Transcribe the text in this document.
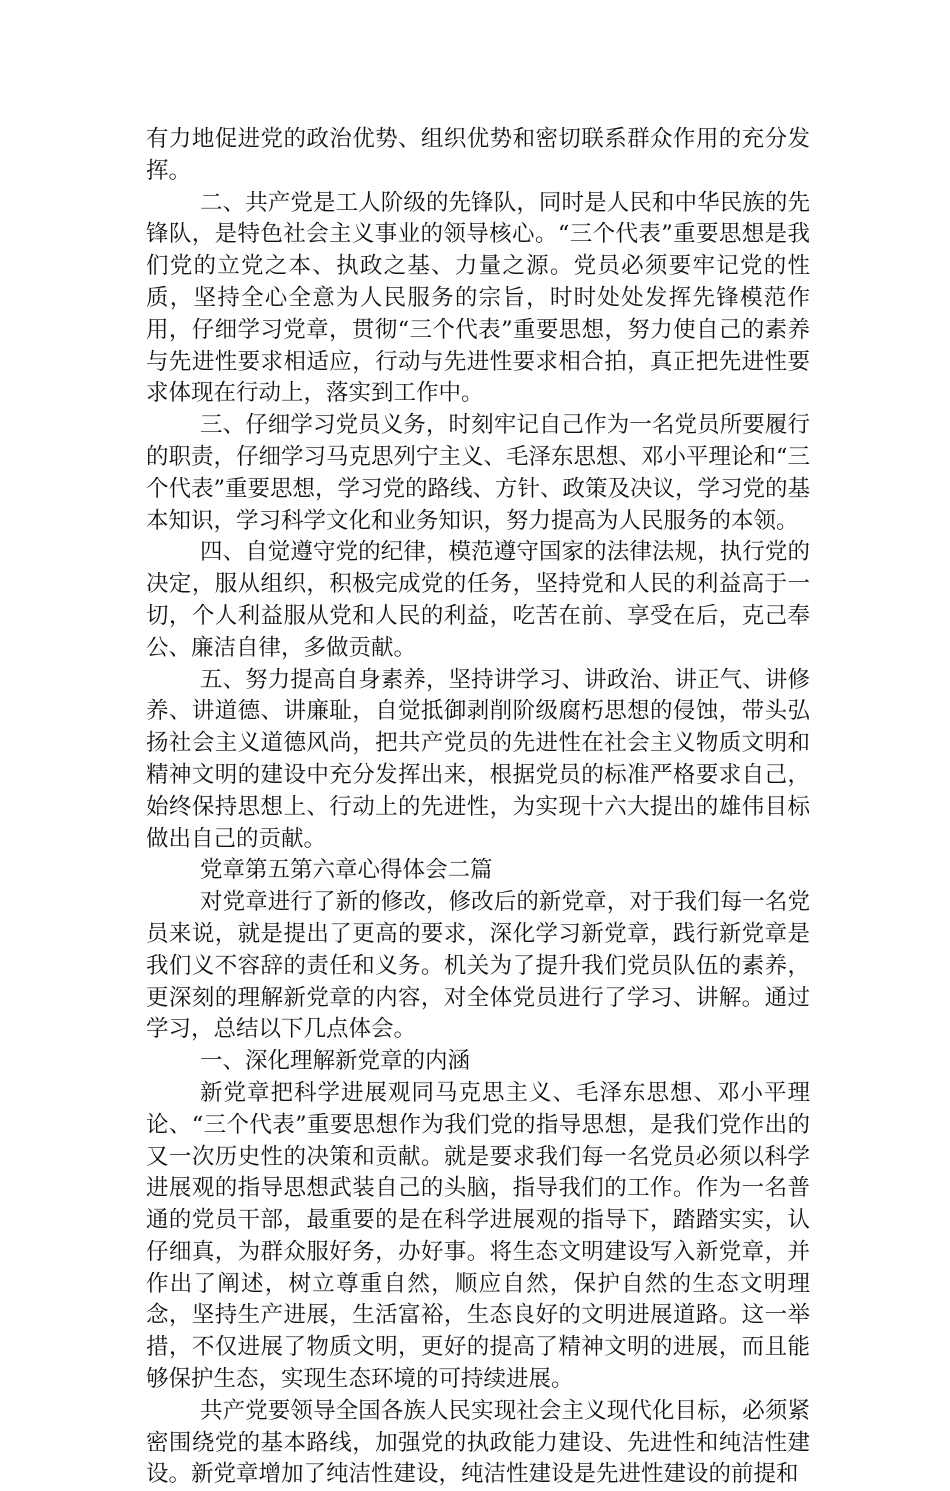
有力地促进党的政治优势、组织优势和密切联系群众作用的充分发挥。

二、共产党是工人阶级的先锋队，同时是人民和中华民族的先锋队，是特色社会主义事业的领导核心。“三个代表”重要思想是我们党的立党之本、执政之基、力量之源。党员必须要牢记党的性质，坚持全心全意为人民服务的宗旨，时时处处发挥先锋模范作用，仔细学习党章，贯彻“三个代表”重要思想，努力使自己的素养与先进性要求相适应，行动与先进性要求相合拍，真正把先进性要求体现在行动上，落实到工作中。

三、仔细学习党员义务，时刻牢记自己作为一名党员所要履行的职责，仔细学习马克思列宁主义、毛泽东思想、邓小平理论和“三个代表”重要思想，学习党的路线、方针、政策及决议，学习党的基本知识，学习科学文化和业务知识，努力提高为人民服务的本领。

四、自觉遵守党的纪律，模范遵守国家的法律法规，执行党的决定，服从组织，积极完成党的任务，坚持党和人民的利益高于一切，个人利益服从党和人民的利益，吃苦在前、享受在后，克己奉公、廉洁自律，多做贡献。

五、努力提高自身素养，坚持讲学习、讲政治、讲正气、讲修养、讲道德、讲廉耻，自觉抵御剥削阶级腐朽思想的侵蚀，带头弘扬社会主义道德风尚，把共产党员的先进性在社会主义物质文明和精神文明的建设中充分发挥出来，根据党员的标准严格要求自己，始终保持思想上、行动上的先进性，为实现十六大提出的雄伟目标做出自己的贡献。

党章第五第六章心得体会二篇

对党章进行了新的修改，修改后的新党章，对于我们每一名党员来说，就是提出了更高的要求，深化学习新党章，践行新党章是我们义不容辞的责任和义务。机关为了提升我们党员队伍的素养，更深刻的理解新党章的内容，对全体党员进行了学习、讲解。通过学习，总结以下几点体会。

一、深化理解新党章的内涵

新党章把科学进展观同马克思主义、毛泽东思想、邓小平理论、“三个代表”重要思想作为我们党的指导思想，是我们党作出的又一次历史性的决策和贡献。就是要求我们每一名党员必须以科学进展观的指导思想武装自己的头脑，指导我们的工作。作为一名普通的党员干部，最重要的是在科学进展观的指导下，踏踏实实，认仔细真，为群众服好务，办好事。将生态文明建设写入新党章，并作出了阐述，树立尊重自然，顺应自然，保护自然的生态文明理念，坚持生产进展，生活富裕，生态良好的文明进展道路。这一举措，不仅进展了物质文明，更好的提高了精神文明的进展，而且能够保护生态，实现生态环境的可持续进展。

共产党要领导全国各族人民实现社会主义现代化目标，必须紧密围绕党的基本路线，加强党的执政能力建设、先进性和纯洁性建设。新党章增加了纯洁性建设，纯洁性建设是先进性建设的前提和
